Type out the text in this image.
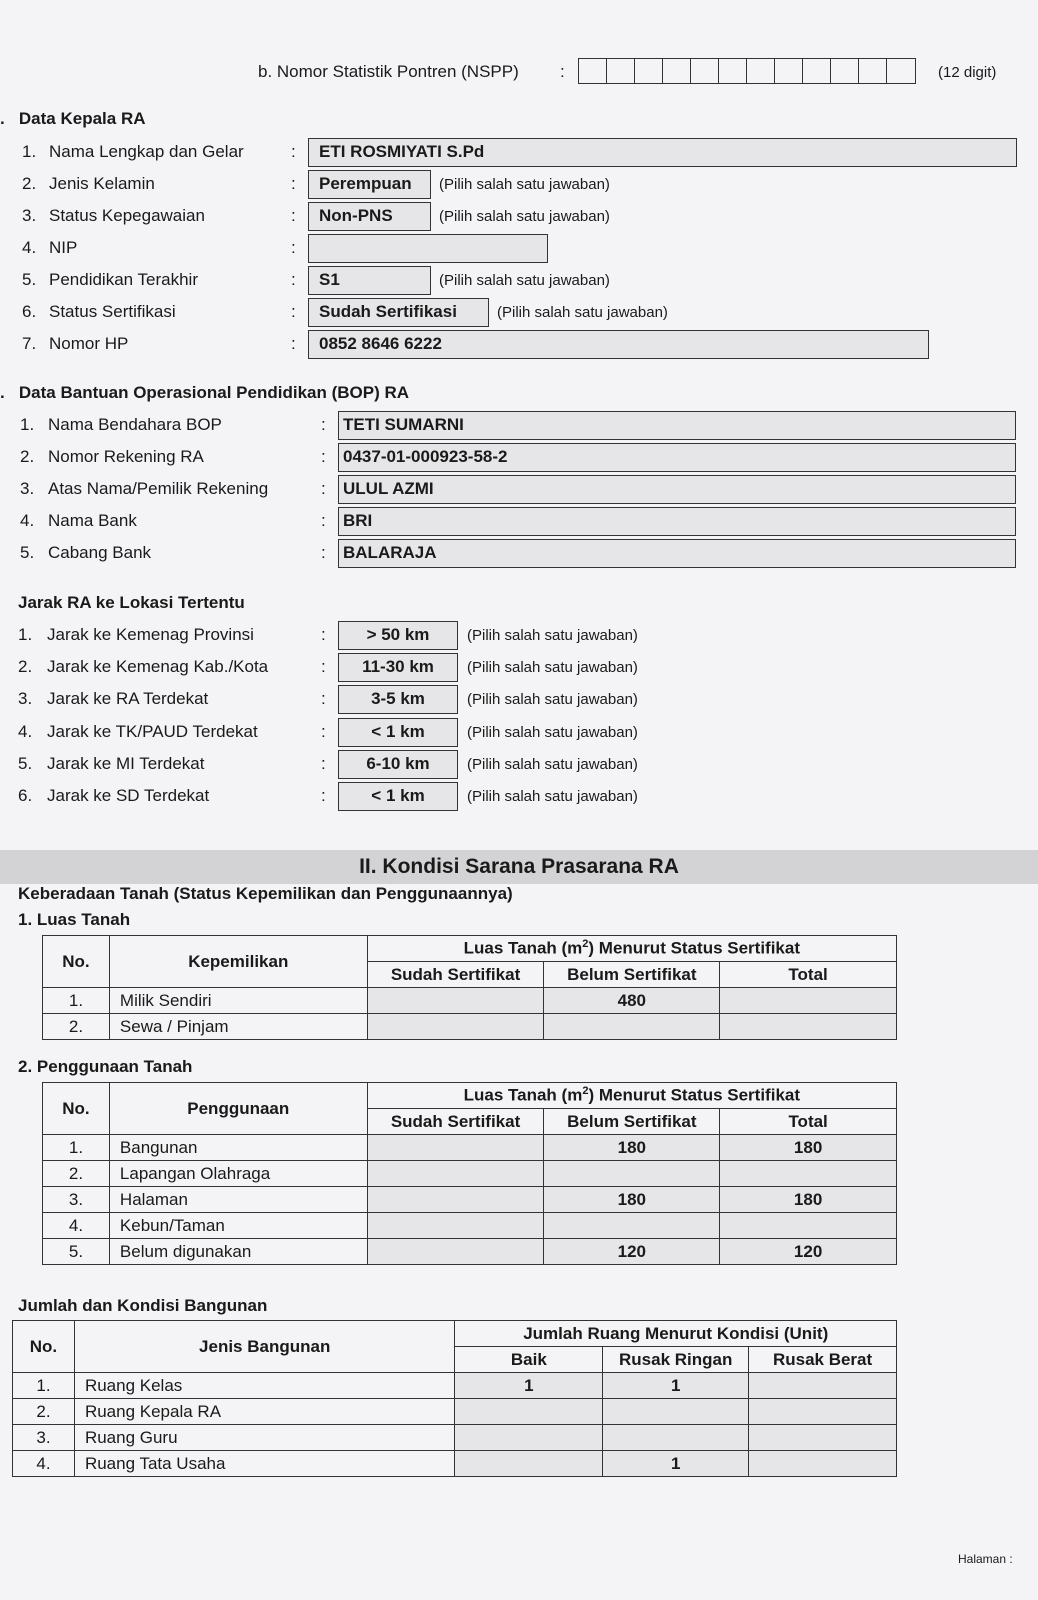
b. Nomor Statistik Pontren (NSPP) :	(12 digit)
.   Data Kepala RA
1. Nama Lengkap dan Gelar	:	ETI ROSMIYATI S.Pd
2. Jenis Kelamin	:	Perempuan	(Pilih salah satu jawaban)
3. Status Kepegawaian	:	Non-PNS	(Pilih salah satu jawaban)
4. NIP	:
5. Pendidikan Terakhir	:	S1	(Pilih salah satu jawaban)
6. Status Sertifikasi	:	Sudah Sertifikasi	(Pilih salah satu jawaban)
7. Nomor HP	:	0852 8646 6222
.   Data Bantuan Operasional Pendidikan (BOP) RA
1. Nama Bendahara BOP	: TETI SUMARNI
2. Nomor Rekening RA	: 0437-01-000923-58-2
3. Atas Nama/Pemilik Rekening	: ULUL AZMI
4. Nama Bank	: BRI
5. Cabang Bank	: BALARAJA
Jarak RA ke Lokasi Tertentu
1. Jarak ke Kemenag Provinsi	:	> 50 km	(Pilih salah satu jawaban)
2. Jarak ke Kemenag Kab./Kota	:	11-30 km	(Pilih salah satu jawaban)
3. Jarak ke RA Terdekat	:	3-5 km	(Pilih salah satu jawaban)
4. Jarak ke TK/PAUD Terdekat	:	< 1 km	(Pilih salah satu jawaban)
5. Jarak ke MI Terdekat	:	6-10 km	(Pilih salah satu jawaban)
6. Jarak ke SD Terdekat	:	< 1 km	(Pilih salah satu jawaban)
II. Kondisi Sarana Prasarana RA
Keberadaan Tanah (Status Kepemilikan dan Penggunaannya)
1. Luas Tanah
No.	Kepemilikan	Luas Tanah $(m^2)$ Menurut Status Sertifikat		
		Sudah Sertifikat	Belum Sertifikat	Total
1.	Milik Sendiri		480	
2.	Sewa / Pinjam			
2. Penggunaan Tanah
No.	Penggunaan	Luas Tanah $(m^2)$ Menurut Status Sertifikat		
		Sudah Sertifikat	Belum Sertifikat	Total
1.	Bangunan		180	180
2.	Lapangan Olahraga			
3.	Halaman		180	180
4.	Kebun/Taman			
5.	Belum digunakan		120	120
Jumlah dan Kondisi Bangunan
No.	Jenis Bangunan	Jumlah Ruang Menurut Kondisi (Unit)		
		Baik	Rusak Ringan	Rusak Berat
1.	Ruang Kelas	1	1	
2.	Ruang Kepala RA			
3.	Ruang Guru			
4.	Ruang Tata Usaha		1	
Halaman :
